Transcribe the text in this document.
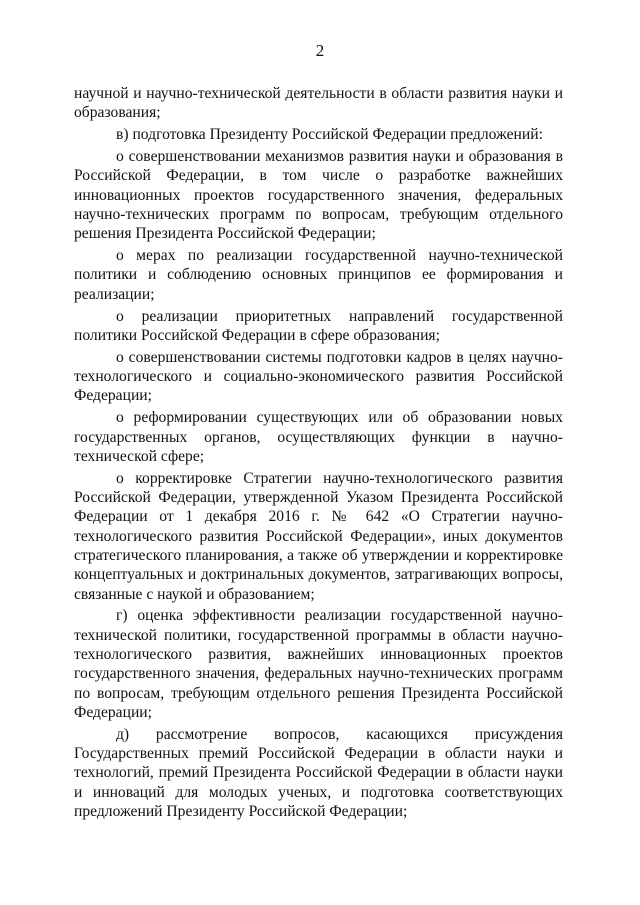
2

научной и научно-технической деятельности в области развития науки и образования;

в) подготовка Президенту Российской Федерации предложений:

о совершенствовании механизмов развития науки и образования в Российской Федерации, в том числе о разработке важнейших инновационных проектов государственного значения, федеральных научно-технических программ по вопросам, требующим отдельного решения Президента Российской Федерации;

о мерах по реализации государственной научно-технической политики и соблюдению основных принципов ее формирования и реализации;

о реализации приоритетных направлений государственной политики Российской Федерации в сфере образования;

о совершенствовании системы подготовки кадров в целях научно-технологического и социально-экономического развития Российской Федерации;

о реформировании существующих или об образовании новых государственных органов, осуществляющих функции в научно-технической сфере;

о корректировке Стратегии научно-технологического развития Российской Федерации, утвержденной Указом Президента Российской Федерации от 1 декабря 2016 г. № 642 «О Стратегии научно-технологического развития Российской Федерации», иных документов стратегического планирования, а также об утверждении и корректировке концептуальных и доктринальных документов, затрагивающих вопросы, связанные с наукой и образованием;

г) оценка эффективности реализации государственной научно-технической политики, государственной программы в области научно-технологического развития, важнейших инновационных проектов государственного значения, федеральных научно-технических программ по вопросам, требующим отдельного решения Президента Российской Федерации;

д) рассмотрение вопросов, касающихся присуждения Государственных премий Российской Федерации в области науки и технологий, премий Президента Российской Федерации в области науки и инноваций для молодых ученых, и подготовка соответствующих предложений Президенту Российской Федерации;
